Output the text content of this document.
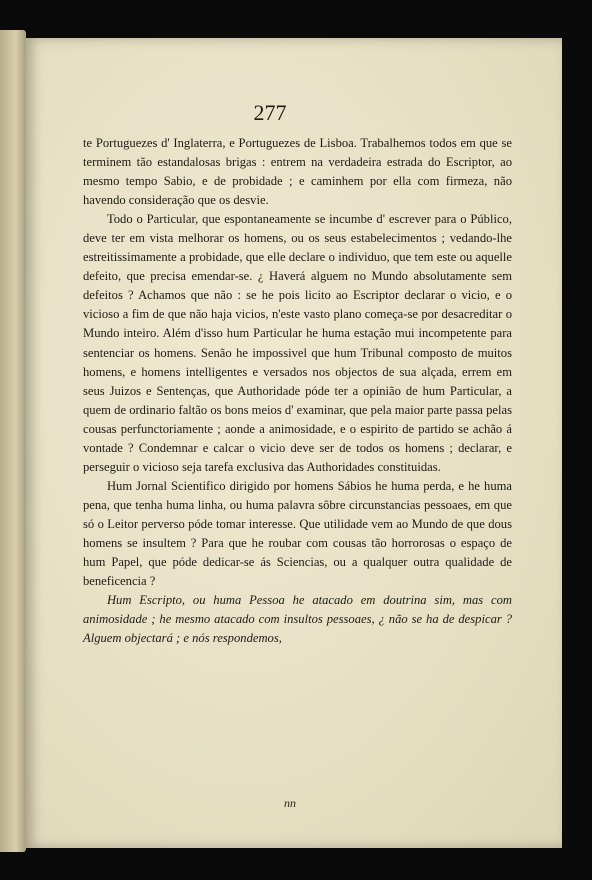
277

te Portuguezes d' Inglaterra, e Portuguezes de Lisboa. Trabalhemos todos em que se terminem tão estandalosas brigas : entrem na verdadeira estrada do Escriptor, ao mesmo tempo Sabio, e de probidade ; e caminhem por ella com firmeza, não havendo consideração que os desvie.

Todo o Particular, que espontaneamente se incumbe d' escrever para o Público, deve ter em vista melhorar os homens, ou os seus estabelecimentos ; vedando-lhe estreitissimamente a probidade, que elle declare o individuo, que tem este ou aquelle defeito, que precisa emendar-se. ¿ Haverá alguem no Mundo absolutamente sem defeitos ? Achamos que não : se he pois licito ao Escriptor declarar o vicio, e o vicioso a fim de que não haja vicios, n'este vasto plano começa-se por desacreditar o Mundo inteiro. Além d'isso hum Particular he huma estação mui incompetente para sentenciar os homens. Senão he impossivel que hum Tribunal composto de muitos homens, e homens intelligentes e versados nos objectos de sua alçada, errem em seus Juizos e Sentenças, que Authoridade póde ter a opinião de hum Particular, a quem de ordinario faltão os bons meios d' examinar, que pela maior parte passa pelas cousas perfunctoriamente ; aonde a animosidade, e o espirito de partido se achão á vontade ? Condemnar e calcar o vicio deve ser de todos os homens ; declarar, e perseguir o vicioso seja tarefa exclusiva das Authoridades constituidas.

Hum Jornal Scientifico dirigido por homens Sábios he huma perda, e he huma pena, que tenha huma linha, ou huma palavra sôbre circunstancias pessoaes, em que só o Leitor perverso póde tomar interesse. Que utilidade vem ao Mundo de que dous homens se insultem ? Para que he roubar com cousas tão horrorosas o espaço de hum Papel, que póde dedicar-se ás Sciencias, ou a qualquer outra qualidade de beneficencia ?

Hum Escripto, ou huma Pessoa he atacado em doutrina sim, mas com animosidade ; he mesmo atacado com insultos pessoaes, ¿ não se ha de despicar ? Alguem objectará ; e nós respondemos,

nn
